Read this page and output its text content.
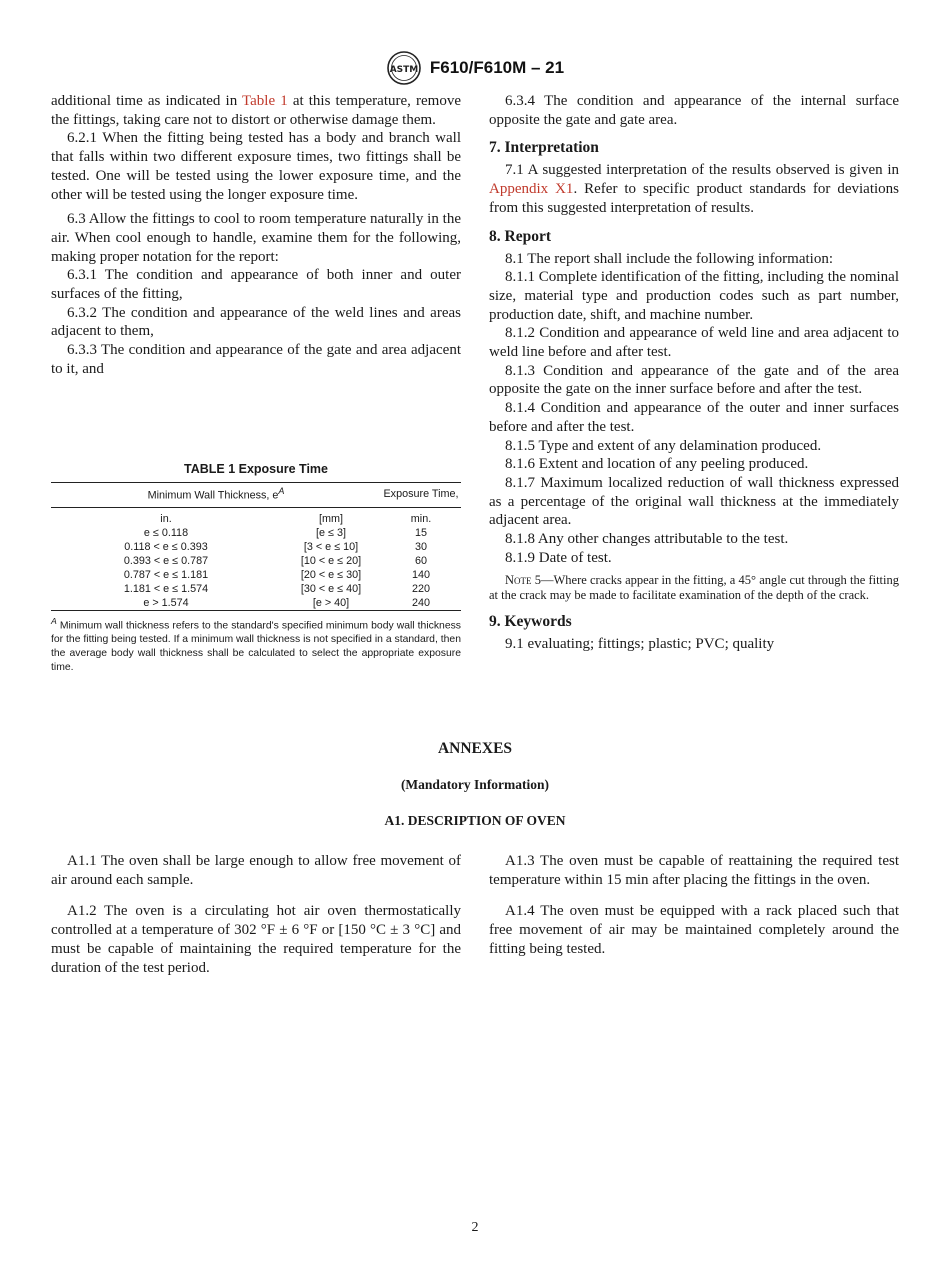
ASTM F610/F610M – 21

additional time as indicated in Table 1 at this temperature, remove the fittings, taking care not to distort or otherwise damage them.

6.2.1 When the fitting being tested has a body and branch wall that falls within two different exposure times, two fittings shall be tested. One will be tested using the lower exposure time, and the other will be tested using the longer exposure time.

6.3 Allow the fittings to cool to room temperature naturally in the air. When cool enough to handle, examine them for the following, making proper notation for the report:

6.3.1 The condition and appearance of both inner and outer surfaces of the fitting,

6.3.2 The condition and appearance of the weld lines and areas adjacent to them,

6.3.3 The condition and appearance of the gate and area adjacent to it, and

TABLE 1 Exposure Time
Minimum Wall Thickness, $e^A$		Exposure Time,
in.	[mm]	min.
e ≤ 0.118	[e ≤ 3]	15
0.118 < e ≤ 0.393	[3 < e ≤ 10]	30
0.393 < e ≤ 0.787	[10 < e ≤ 20]	60
0.787 < e ≤ 1.181	[20 < e ≤ 30]	140
1.181 < e ≤ 1.574	[30 < e ≤ 40]	220
e > 1.574	[e > 40]	240
$^A$ Minimum wall thickness refers to the standard's specified minimum body wall thickness for the fitting being tested. If a minimum wall thickness is not specified in a standard, then the average body wall thickness shall be calculated to select the appropriate exposure time.

6.3.4 The condition and appearance of the internal surface opposite the gate and gate area.

7. Interpretation

7.1 A suggested interpretation of the results observed is given in Appendix X1. Refer to specific product standards for deviations from this suggested interpretation of results.

8. Report

8.1 The report shall include the following information:

8.1.1 Complete identification of the fitting, including the nominal size, material type and production codes such as part number, production date, shift, and machine number.

8.1.2 Condition and appearance of weld line and area adjacent to weld line before and after test.

8.1.3 Condition and appearance of the gate and of the area opposite the gate on the inner surface before and after the test.

8.1.4 Condition and appearance of the outer and inner surfaces before and after the test.

8.1.5 Type and extent of any delamination produced.

8.1.6 Extent and location of any peeling produced.

8.1.7 Maximum localized reduction of wall thickness expressed as a percentage of the original wall thickness at the immediately adjacent area.

8.1.8 Any other changes attributable to the test.

8.1.9 Date of test.

Note 5—Where cracks appear in the fitting, a 45° angle cut through the fitting at the crack may be made to facilitate examination of the depth of the crack.

9. Keywords

9.1 evaluating; fittings; plastic; PVC; quality

ANNEXES
(Mandatory Information)
A1. DESCRIPTION OF OVEN

A1.1 The oven shall be large enough to allow free movement of air around each sample.

A1.2 The oven is a circulating hot air oven thermostatically controlled at a temperature of 302 °F ± 6 °F or [150 °C ± 3 °C] and must be capable of maintaining the required temperature for the duration of the test period.

A1.3 The oven must be capable of reattaining the required test temperature within 15 min after placing the fittings in the oven.

A1.4 The oven must be equipped with a rack placed such that free movement of air may be maintained completely around the fitting being tested.

2
